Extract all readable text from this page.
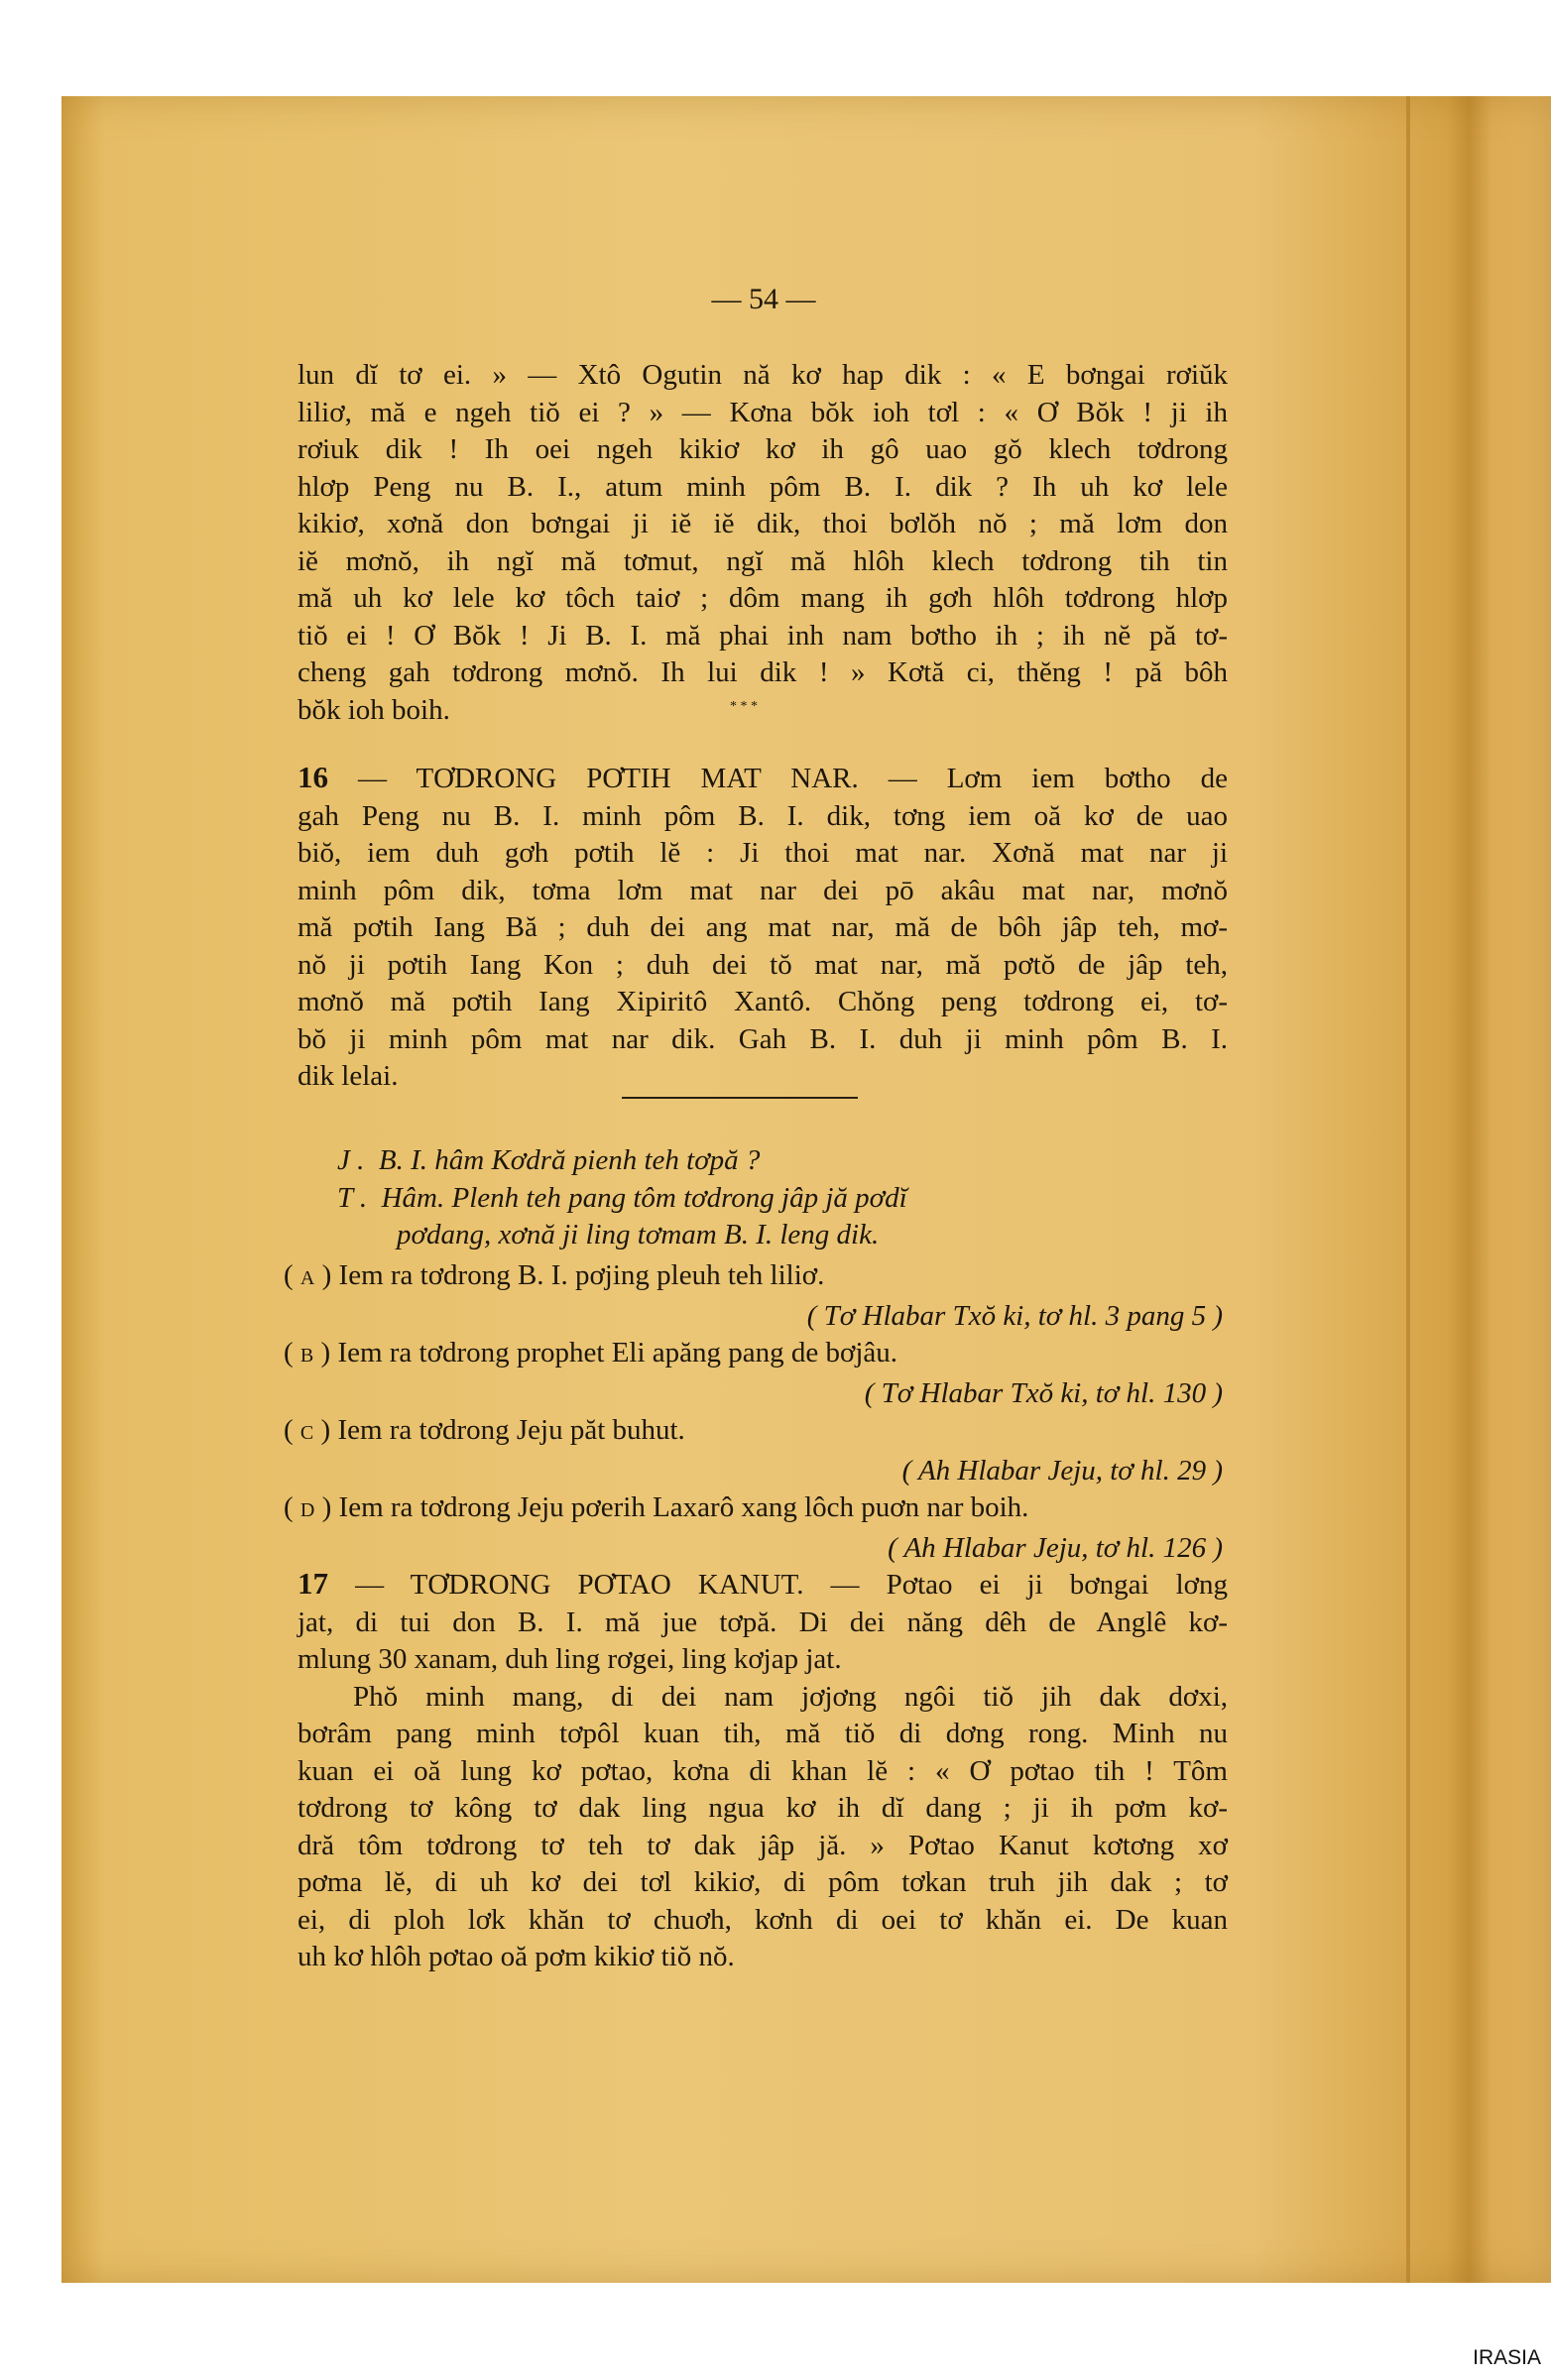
— 54 —
lun dĭ tơ ei. » — Xtô Ogutin nă kơ hap dik : « E bơngai rơiŭk
liliơ, mă e ngeh tiŏ ei ? » — Kơna bŏk ioh tơl : « Ơ Bŏk ! ji ih
rơiuk dik ! Ih oei ngeh kikiơ kơ ih gô uao gŏ klech tơdrong
hlơp Peng nu B. I., atum minh pôm B. I. dik ? Ih uh kơ lele
kikiơ, xơnă don bơngai ji iĕ iĕ dik, thoi bơlŏh nŏ ; mă lơm don
iĕ mơnŏ, ih ngĭ mă tơmut, ngĭ mă hlôh klech tơdrong tih tin
mă uh kơ lele kơ tôch taiơ ; dôm mang ih gơh hlôh tơdrong hlơp
tiŏ ei ! Ơ Bŏk ! Ji B. I. mă phai inh nam bơtho ih ; ih nĕ pă tơ-
cheng gah tơdrong mơnŏ. Ih lui dik ! » Kơtă ci, thĕng ! pă bôh
bŏk ioh boih.	* * *
16 — TƠDRONG PƠTIH MAT NAR. — Lơm iem bơtho de
gah Peng nu B. I. minh pôm B. I. dik, tơng iem oă kơ de uao
biŏ, iem duh gơh pơtih lĕ : Ji thoi mat nar. Xơnă mat nar ji
minh pôm dik, tơma lơm mat nar dei pō akâu mat nar, mơnŏ
mă pơtih Iang Bă ; duh dei ang mat nar, mă de bôh jâp teh, mơ-
nŏ ji pơtih Iang Kon ; duh dei tŏ mat nar, mă pơtŏ de jâp teh,
mơnŏ mă pơtih Iang Xipiritô Xantô. Chŏng peng tơdrong ei, tơ-
bŏ ji minh pôm mat nar dik. Gah B. I. duh ji minh pôm B. I.
dik lelai.
J . B. I. hâm Kơdră pienh teh tơpă ?
T . Hâm. Plenh teh pang tôm tơdrong jâp jă pơdĭ
pơdang, xơnă ji ling tơmam B. I. leng dik.
( A ) Iem ra tơdrong B. I. pơjing pleuh teh liliơ.
( Tơ Hlabar Txŏ ki, tơ hl. 3 pang 5 )
( B ) Iem ra tơdrong prophet Eli apăng pang de bơjâu.
( Tơ Hlabar Txŏ ki, tơ hl. 130 )
( C ) Iem ra tơdrong Jeju păt buhut.
( Ah Hlabar Jeju, tơ hl. 29 )
( D ) Iem ra tơdrong Jeju pơerih Laxarô xang lôch puơn nar boih.
( Ah Hlabar Jeju, tơ hl. 126 )
17 — TƠDRONG PƠTAO KANUT. — Pơtao ei ji bơngai lơng
jat, di tui don B. I. mă jue tơpă. Di dei năng dêh de Anglê kơ-
mlung 30 xanam, duh ling rơgei, ling kơjap jat.
Phŏ minh mang, di dei nam jơjơng ngôi tiŏ jih dak dơxi,
bơrâm pang minh tơpôl kuan tih, mă tiŏ di dơng rong. Minh nu
kuan ei oă lung kơ pơtao, kơna di khan lĕ : « Ơ pơtao tih ! Tôm
tơdrong tơ kông tơ dak ling ngua kơ ih dĭ dang ; ji ih pơm kơ-
dră tôm tơdrong tơ teh tơ dak jâp jă. » Pơtao Kanut kơtơng xơ
pơma lĕ, di uh kơ dei tơl kikiơ, di pôm tơkan truh jih dak ; tơ
ei, di ploh lơk khăn tơ chuơh, kơnh di oei tơ khăn ei. De kuan
uh kơ hlôh pơtao oă pơm kikiơ tiŏ nŏ.
IRASIA
